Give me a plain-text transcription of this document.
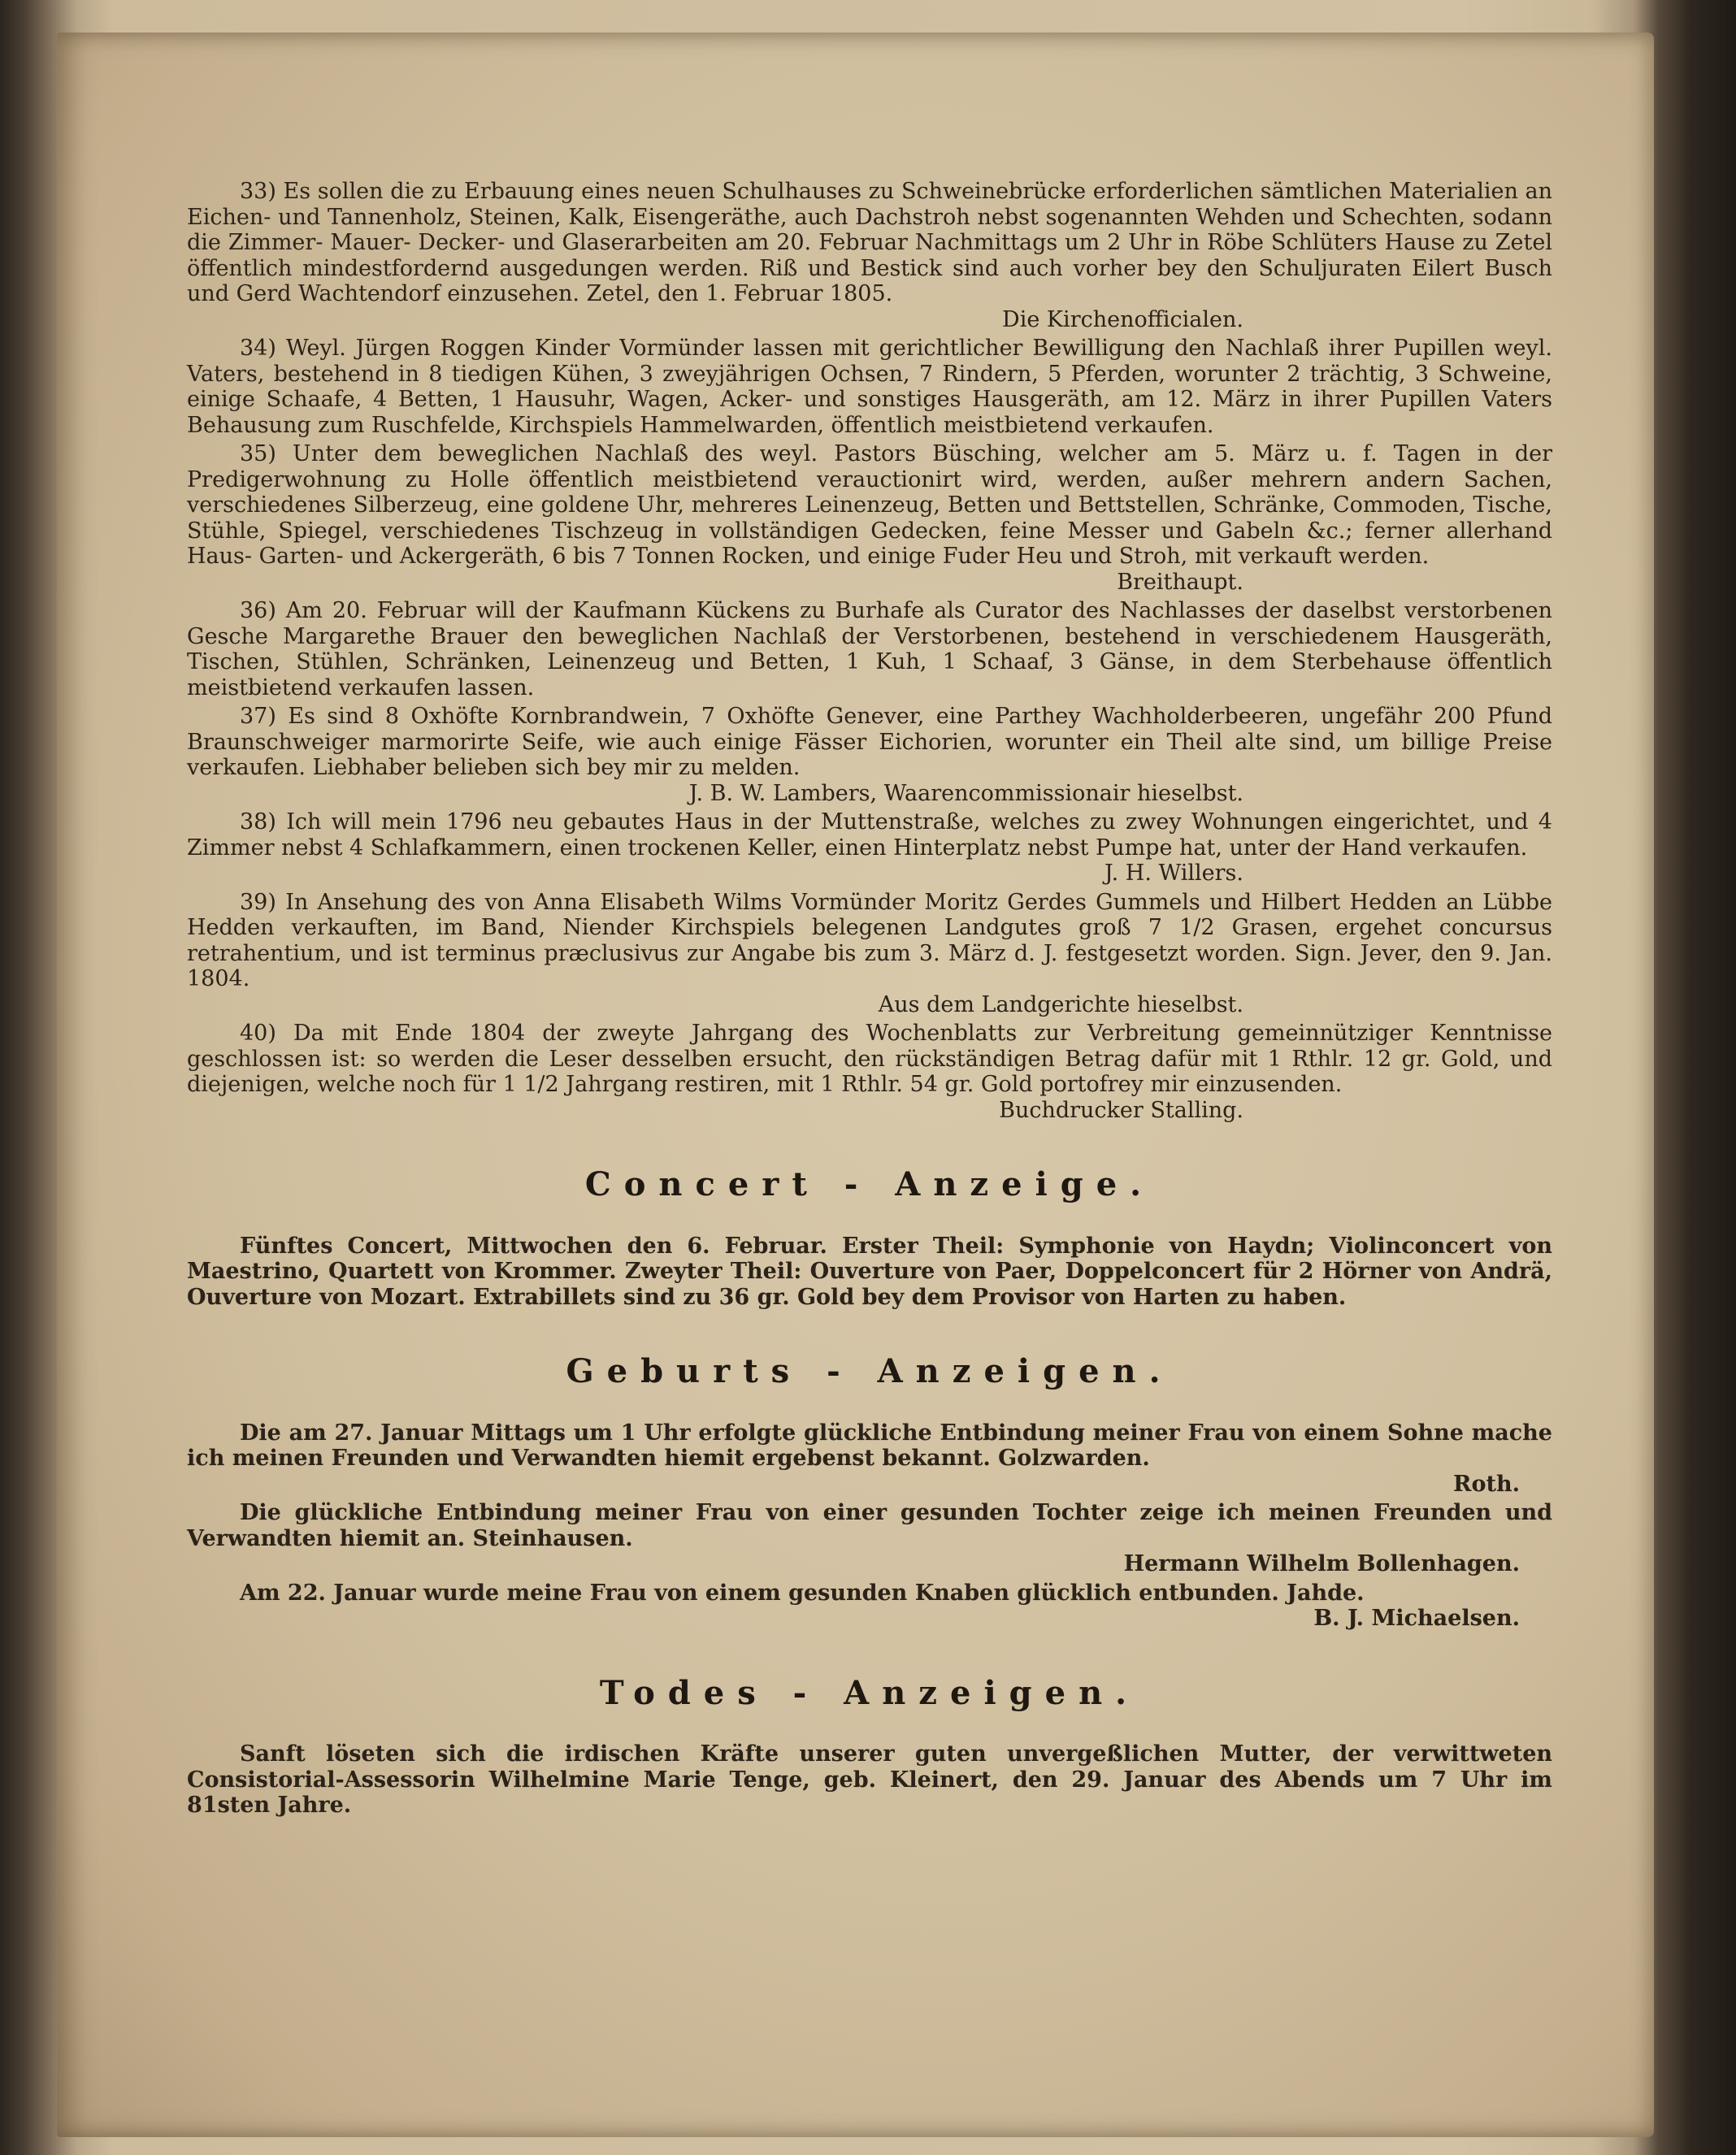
33) Es sollen die zu Erbauung eines neuen Schulhauses zu Schweinebrücke erforderlichen sämtlichen Materialien an Eichen- und Tannenholz, Steinen, Kalk, Eisengeräthe, auch Dachstroh nebst sogenannten Wehden und Schechten, sodann die Zimmer- Mauer- Decker- und Glaserarbeiten am 20. Februar Nachmittags um 2 Uhr in Röbe Schlüters Hause zu Zetel öffentlich mindestfordernd ausgedungen werden. Riß und Bestick sind auch vorher bey den Schuljuraten Eilert Busch und Gerd Wachtendorf einzusehen. Zetel, den 1. Februar 1805.
Die Kirchenofficialen.

34) Weyl. Jürgen Roggen Kinder Vormünder lassen mit gerichtlicher Bewilligung den Nachlaß ihrer Pupillen weyl. Vaters, bestehend in 8 tiedigen Kühen, 3 zweyjährigen Ochsen, 7 Rindern, 5 Pferden, worunter 2 trächtig, 3 Schweine, einige Schaafe, 4 Betten, 1 Hausuhr, Wagen, Acker- und sonstiges Hausgeräth, am 12. März in ihrer Pupillen Vaters Behausung zum Ruschfelde, Kirchspiels Hammelwarden, öffentlich meistbietend verkaufen.

35) Unter dem beweglichen Nachlaß des weyl. Pastors Büsching, welcher am 5. März u. f. Tagen in der Predigerwohnung zu Holle öffentlich meistbietend verauctionirt wird, werden, außer mehrern andern Sachen, verschiedenes Silberzeug, eine goldene Uhr, mehreres Leinenzeug, Betten und Bettstellen, Schränke, Commoden, Tische, Stühle, Spiegel, verschiedenes Tischzeug in vollständigen Gedecken, feine Messer und Gabeln &c.; ferner allerhand Haus- Garten- und Ackergeräth, 6 bis 7 Tonnen Rocken, und einige Fuder Heu und Stroh, mit verkauft werden.
Breithaupt.

36) Am 20. Februar will der Kaufmann Kückens zu Burhafe als Curator des Nachlasses der daselbst verstorbenen Gesche Margarethe Brauer den beweglichen Nachlaß der Verstorbenen, bestehend in verschiedenem Hausgeräth, Tischen, Stühlen, Schränken, Leinenzeug und Betten, 1 Kuh, 1 Schaaf, 3 Gänse, in dem Sterbehause öffentlich meistbietend verkaufen lassen.

37) Es sind 8 Oxhöfte Kornbrandwein, 7 Oxhöfte Genever, eine Parthey Wachholderbeeren, ungefähr 200 Pfund Braunschweiger marmorirte Seife, wie auch einige Fässer Eichorien, worunter ein Theil alte sind, um billige Preise verkaufen. Liebhaber belieben sich bey mir zu melden.
J. B. W. Lambers, Waarencommissionair hieselbst.

38) Ich will mein 1796 neu gebautes Haus in der Muttenstraße, welches zu zwey Wohnungen eingerichtet, und 4 Zimmer nebst 4 Schlafkammern, einen trockenen Keller, einen Hinterplatz nebst Pumpe hat, unter der Hand verkaufen.
J. H. Willers.

39) In Ansehung des von Anna Elisabeth Wilms Vormünder Moritz Gerdes Gummels und Hilbert Hedden an Lübbe Hedden verkauften, im Band, Niender Kirchspiels belegenen Landgutes groß 7 1/2 Grasen, ergehet concursus retrahentium, und ist terminus præclusivus zur Angabe bis zum 3. März d. J. festgesetzt worden. Sign. Jever, den 9. Jan. 1804.
Aus dem Landgerichte hieselbst.

40) Da mit Ende 1804 der zweyte Jahrgang des Wochenblatts zur Verbreitung gemeinnütziger Kenntnisse geschlossen ist: so werden die Leser desselben ersucht, den rückständigen Betrag dafür mit 1 Rthlr. 12 gr. Gold, und diejenigen, welche noch für 1 1/2 Jahrgang restiren, mit 1 Rthlr. 54 gr. Gold portofrey mir einzusenden.
Buchdrucker Stalling.

Concert - Anzeige.

Fünftes Concert, Mittwochen den 6. Februar. Erster Theil: Symphonie von Haydn; Violinconcert von Maestrino, Quartett von Krommer. Zweyter Theil: Ouverture von Paer, Doppelconcert für 2 Hörner von Andrä, Ouverture von Mozart. Extrabillets sind zu 36 gr. Gold bey dem Provisor von Harten zu haben.

Geburts - Anzeigen.

Die am 27. Januar Mittags um 1 Uhr erfolgte glückliche Entbindung meiner Frau von einem Sohne mache ich meinen Freunden und Verwandten hiemit ergebenst bekannt. Golzwarden.
Roth.

Die glückliche Entbindung meiner Frau von einer gesunden Tochter zeige ich meinen Freunden und Verwandten hiemit an. Steinhausen.
Hermann Wilhelm Bollenhagen.

Am 22. Januar wurde meine Frau von einem gesunden Knaben glücklich entbunden. Jahde.
B. J. Michaelsen.

Todes - Anzeigen.

Sanft löseten sich die irdischen Kräfte unserer guten unvergeßlichen Mutter, der verwittweten Consistorial-Assessorin Wilhelmine Marie Tenge, geb. Kleinert, den 29. Januar des Abends um 7 Uhr im 81sten Jahre.
